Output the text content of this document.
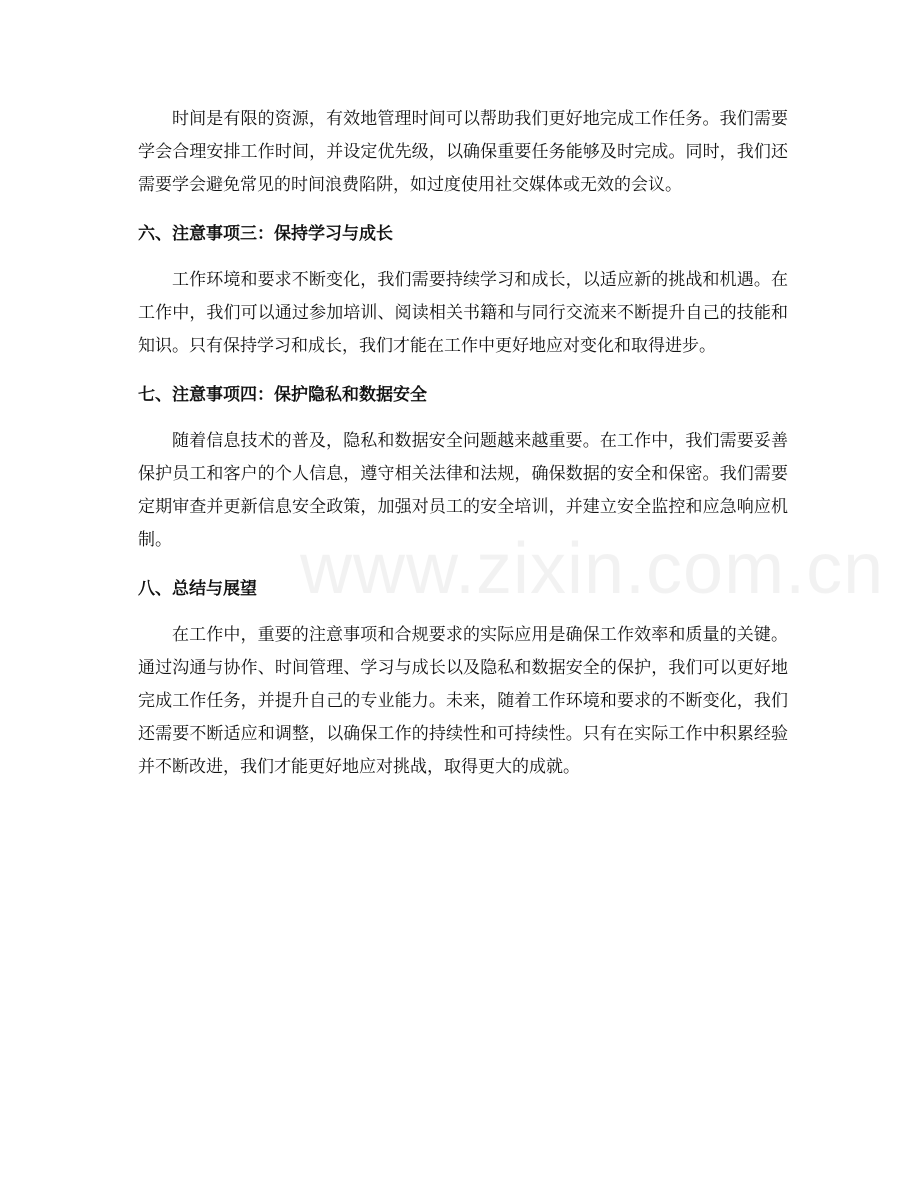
时间是有限的资源，有效地管理时间可以帮助我们更好地完成工作任务。我们需要学会合理安排工作时间，并设定优先级，以确保重要任务能够及时完成。同时，我们还需要学会避免常见的时间浪费陷阱，如过度使用社交媒体或无效的会议。

六、注意事项三：保持学习与成长

工作环境和要求不断变化，我们需要持续学习和成长，以适应新的挑战和机遇。在工作中，我们可以通过参加培训、阅读相关书籍和与同行交流来不断提升自己的技能和知识。只有保持学习和成长，我们才能在工作中更好地应对变化和取得进步。

七、注意事项四：保护隐私和数据安全

随着信息技术的普及，隐私和数据安全问题越来越重要。在工作中，我们需要妥善保护员工和客户的个人信息，遵守相关法律和法规，确保数据的安全和保密。我们需要定期审查并更新信息安全政策，加强对员工的安全培训，并建立安全监控和应急响应机制。

八、总结与展望

在工作中，重要的注意事项和合规要求的实际应用是确保工作效率和质量的关键。通过沟通与协作、时间管理、学习与成长以及隐私和数据安全的保护，我们可以更好地完成工作任务，并提升自己的专业能力。未来，随着工作环境和要求的不断变化，我们还需要不断适应和调整，以确保工作的持续性和可持续性。只有在实际工作中积累经验并不断改进，我们才能更好地应对挑战，取得更大的成就。

www.zixin.com.cn
